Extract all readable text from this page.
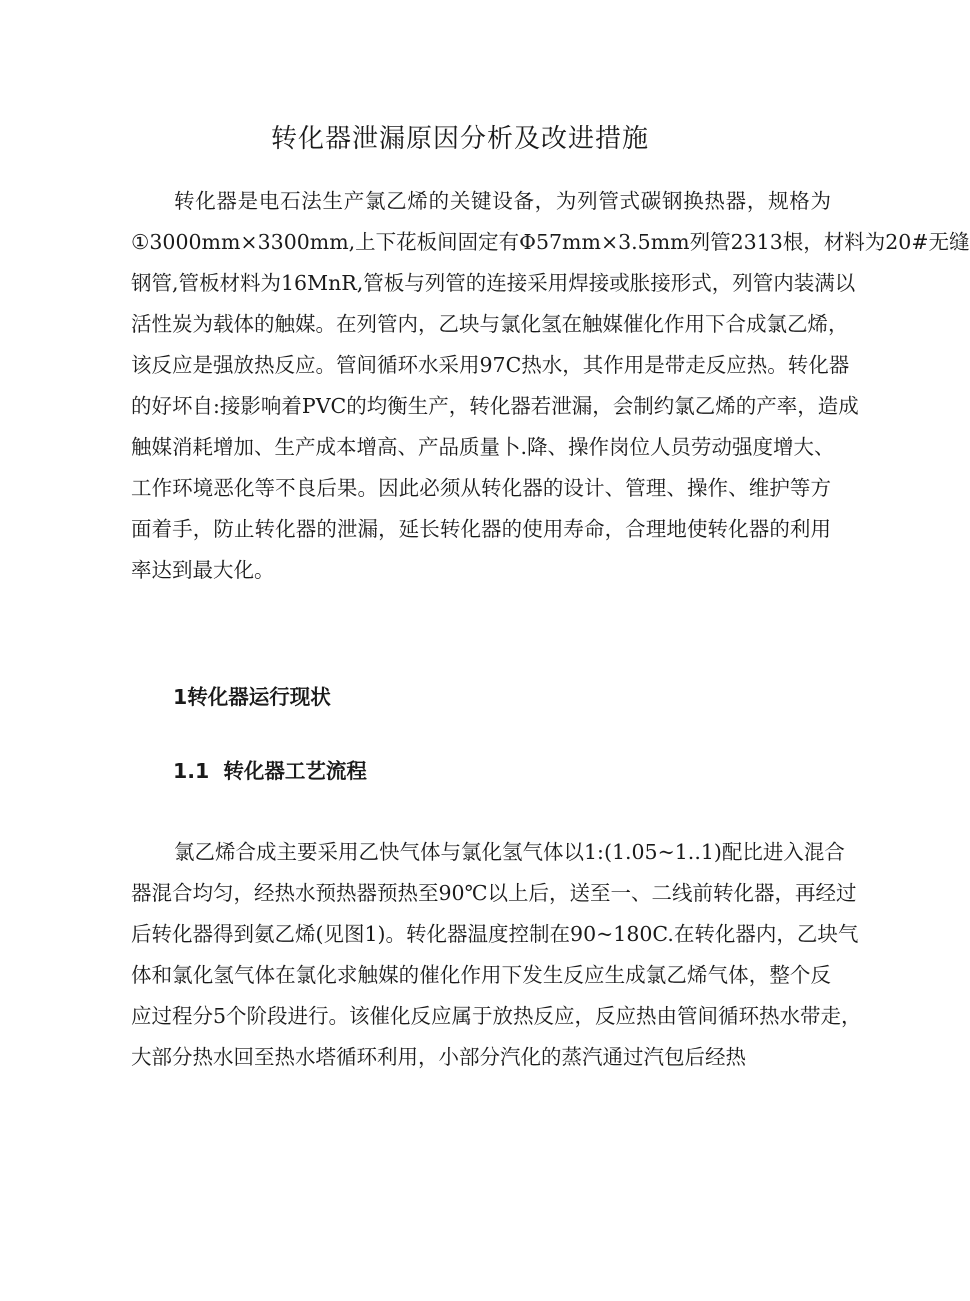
转化器泄漏原因分析及改进措施
转化器是电石法生产氯乙烯的关键设备，为列管式碳钢换热器，规格为
①3000mm×3300mm,上下花板间固定有Φ57mm×3.5mm列管2313根，材料为20#无缝
钢管,管板材料为16MnR,管板与列管的连接采用焊接或胀接形式，列管内装满以
活性炭为载体的触媒。在列管内，乙块与氯化氢在触媒催化作用下合成氯乙烯，
该反应是强放热反应。管间循环水采用97C热水，其作用是带走反应热。转化器
的好坏自:接影响着PVC的均衡生产，转化器若泄漏，会制约氯乙烯的产率，造成
触媒消耗增加、生产成本增高、产品质量卜.降、操作岗位人员劳动强度增大、
工作环境恶化等不良后果。因此必须从转化器的设计、管理、操作、维护等方
面着手，防止转化器的泄漏，延长转化器的使用寿命，合理地使转化器的利用
率达到最大化。
1转化器运行现状
1.1 转化器工艺流程
氯乙烯合成主要采用乙快气体与氯化氢气体以1:(1.05~1..1)配比进入混合
器混合均匀，经热水预热器预热至90℃以上后，送至一、二线前转化器，再经过
后转化器得到氨乙烯(见图1)。转化器温度控制在90~180C.在转化器内，乙块气
体和氯化氢气体在氯化求触媒的催化作用下发生反应生成氯乙烯气体，整个反
应过程分5个阶段进行。该催化反应属于放热反应，反应热由管间循环热水带走，
大部分热水回至热水塔循环利用，小部分汽化的蒸汽通过汽包后经热
